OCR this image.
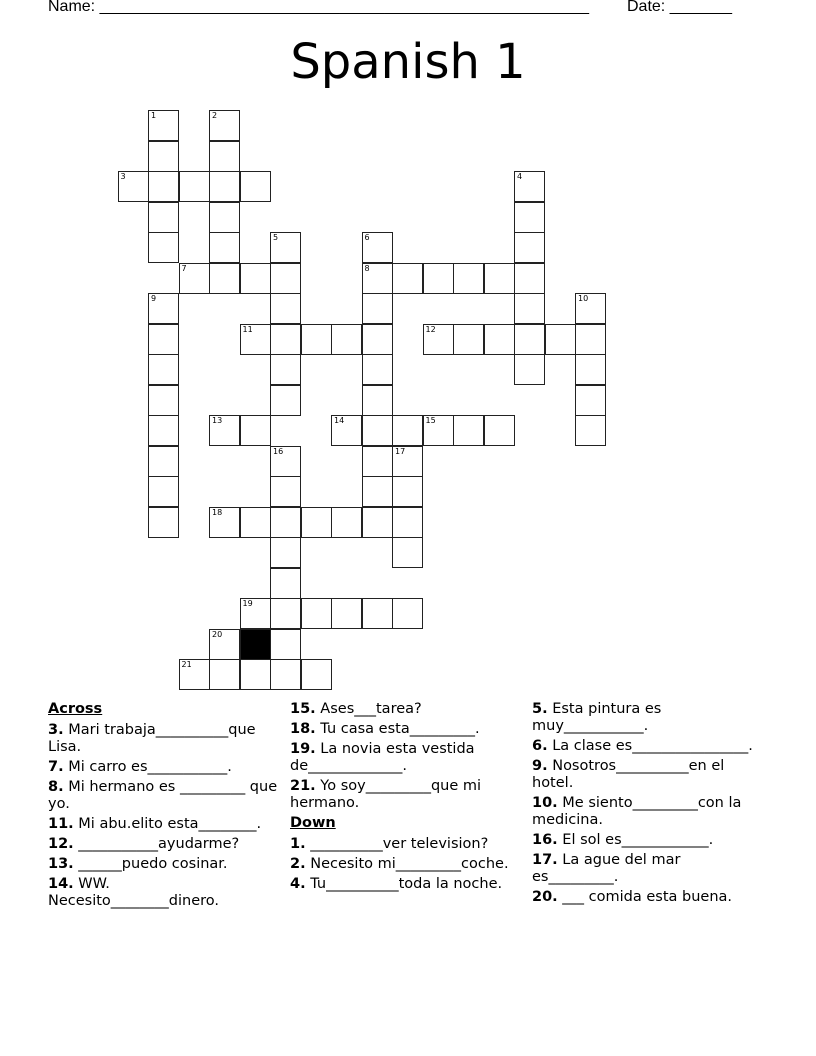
Name: _______________________________________________________ Date: _______
Spanish 1
1	2
3	4
5	6
8
7
9	10
11	12
13	14	15
16	17
18
19
20
21
Across
3. Mari trabaja__________que Lisa.
7. Mi carro es___________.
8. Mi hermano es _________ que yo.
11. Mi abu.elito esta________.
12. ___________ayudarme?
13. ______puedo cosinar.
14. WW. Necesito________dinero.
15. Ases___tarea?
18. Tu casa esta_________.
19. La novia esta vestida de_____________.
21. Yo soy_________que mi hermano.
Down
1. __________ver television?
2. Necesito mi_________coche.
4. Tu__________toda la noche.
5. Esta pintura es muy___________.
6. La clase es________________.
9. Nosotros__________en el hotel.
10. Me siento_________con la medicina.
16. El sol es____________.
17. La ague del mar es_________.
20. ___ comida esta buena.
